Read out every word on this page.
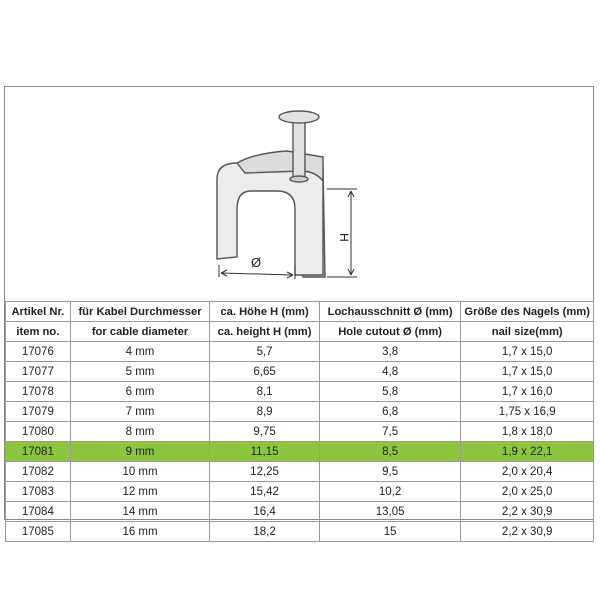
Ø
H
Artikel Nr.	für Kabel Durchmesser	ca. Höhe H (mm)	Lochausschnitt Ø (mm)	Größe des Nagels (mm)
item no.	for cable diameter	ca. height H (mm)	Hole cutout Ø (mm)	nail size(mm)
17076	4 mm	5,7	3,8	1,7 x 15,0
17077	5 mm	6,65	4,8	1,7 x 15,0
17078	6 mm	8,1	5,8	1,7 x 16,0
17079	7 mm	8,9	6,8	1,75 x 16,9
17080	8 mm	9,75	7,5	1,8 x 18,0
17081	9 mm	11,15	8,5	1,9 x 22,1
17082	10 mm	12,25	9,5	2,0 x 20,4
17083	12 mm	15,42	10,2	2,0 x 25,0
17084	14 mm	16,4	13,05	2,2 x 30,9
17085	16 mm	18,2	15	2,2 x 30,9
